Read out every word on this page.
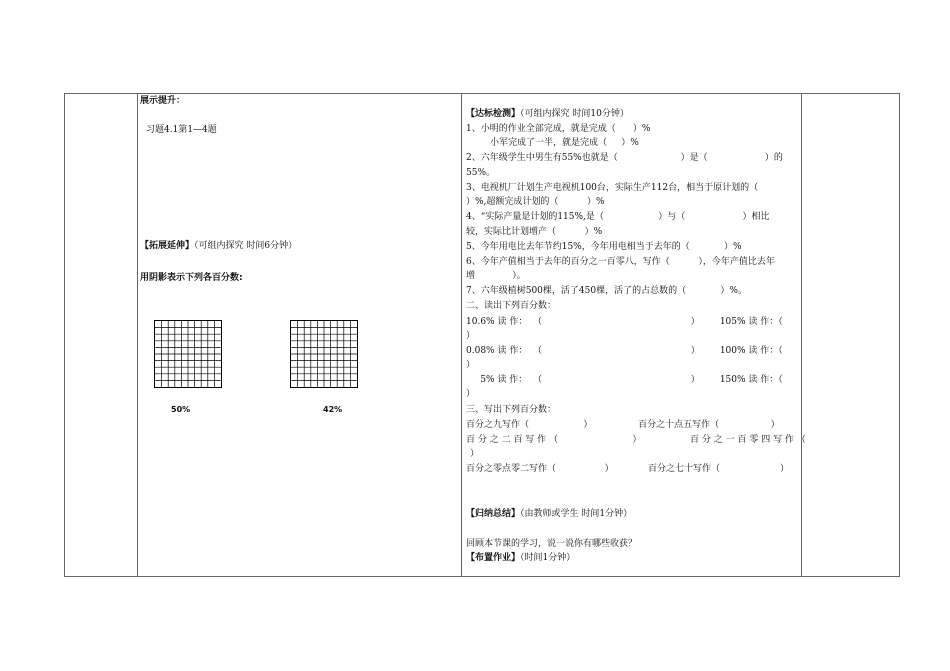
展示提升：
习题4.1第1—4题
【拓展延伸】（可组内探究 时间6分钟）
用阴影表示下列各百分数:
50%	42%
【达标检测】（可组内探究 时间10分钟）
1、小明的作业全部完成，就是完成（      ）%
小军完成了一半，就是完成（     ）%
2、六年级学生中男生有55%也就是（                      ）是（                    ）的
55%。
3、电视机厂计划生产电视机100台，实际生产112台，相当于原计划的（
）%,超额完成计划的（          ）%
4、“实际产量是计划的115%,是（                   ）与（                    ）相比
较，实际比计划增产（          ）%
5、今年用电比去年节约15%，今年用电相当于去年的（            ）%
6、今年产值相当于去年的百分之一百零八，写作（          ），今年产值比去年
增             ）。
7、六年级植树500棵，活了450棵，活了的占总数的（            ）%。
二、读出下列百分数：
10.6% 读 作：  （                                                    ）       105% 读 作：（
）
0.08% 读 作：  （                                                    ）       100% 读 作：（
）
5% 读 作：  （                                                    ）       150% 读 作：（
）
三、写出下列百分数：
百分之九写作（                   ）                百分之十点五写作（                  ）
百 分 之 二 百 写 作 （                          ）                 百 分 之 一 百 零 四 写 作 （
）
百分之零点零二写作（                 ）            百分之七十写作（                     ）
【归纳总结】（由教师或学生 时间1分钟）
回顾本节课的学习，说一说你有哪些收获？
【布置作业】（时间1分钟）
